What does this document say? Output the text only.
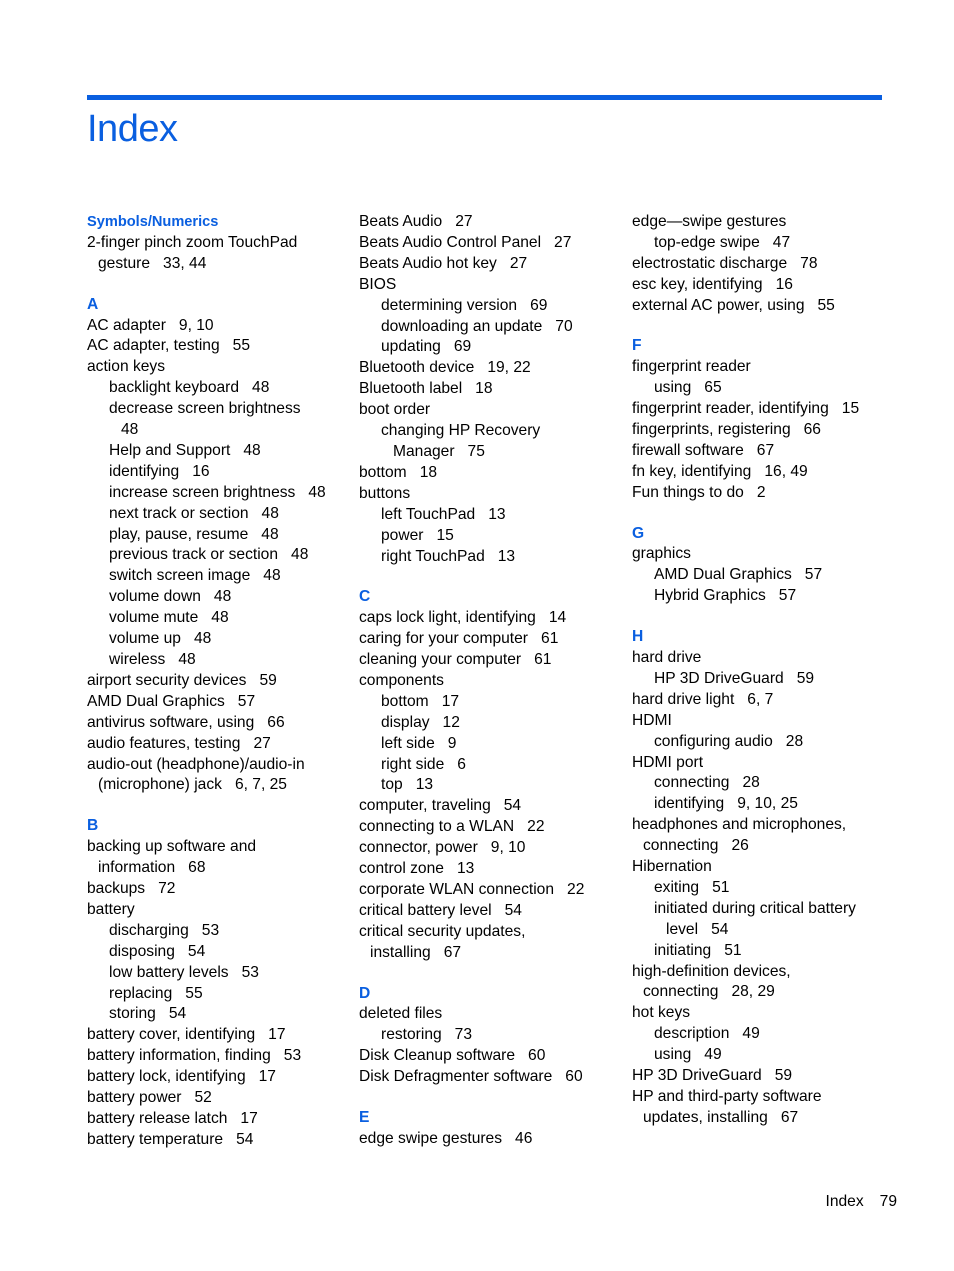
Index
Symbols/Numerics
2-finger pinch zoom TouchPad
gesture 33, 44
A
AC adapter 9, 10
AC adapter, testing 55
action keys
backlight keyboard 48
decrease screen brightness
48
Help and Support 48
identifying 16
increase screen brightness 48
next track or section 48
play, pause, resume 48
previous track or section 48
switch screen image 48
volume down 48
volume mute 48
volume up 48
wireless 48
airport security devices 59
AMD Dual Graphics 57
antivirus software, using 66
audio features, testing 27
audio-out (headphone)/audio-in
(microphone) jack 6, 7, 25
B
backing up software and
information 68
backups 72
battery
discharging 53
disposing 54
low battery levels 53
replacing 55
storing 54
battery cover, identifying 17
battery information, finding 53
battery lock, identifying 17
battery power 52
battery release latch 17
battery temperature 54
Beats Audio 27
Beats Audio Control Panel 27
Beats Audio hot key 27
BIOS
determining version 69
downloading an update 70
updating 69
Bluetooth device 19, 22
Bluetooth label 18
boot order
changing HP Recovery
Manager 75
bottom 18
buttons
left TouchPad 13
power 15
right TouchPad 13
C
caps lock light, identifying 14
caring for your computer 61
cleaning your computer 61
components
bottom 17
display 12
left side 9
right side 6
top 13
computer, traveling 54
connecting to a WLAN 22
connector, power 9, 10
control zone 13
corporate WLAN connection 22
critical battery level 54
critical security updates,
installing 67
D
deleted files
restoring 73
Disk Cleanup software 60
Disk Defragmenter software 60
E
edge swipe gestures 46
edge—swipe gestures
top-edge swipe 47
electrostatic discharge 78
esc key, identifying 16
external AC power, using 55
F
fingerprint reader
using 65
fingerprint reader, identifying 15
fingerprints, registering 66
firewall software 67
fn key, identifying 16, 49
Fun things to do 2
G
graphics
AMD Dual Graphics 57
Hybrid Graphics 57
H
hard drive
HP 3D DriveGuard 59
hard drive light 6, 7
HDMI
configuring audio 28
HDMI port
connecting 28
identifying 9, 10, 25
headphones and microphones,
connecting 26
Hibernation
exiting 51
initiated during critical battery
level 54
initiating 51
high-definition devices,
connecting 28, 29
hot keys
description 49
using 49
HP 3D DriveGuard 59
HP and third-party software
updates, installing 67
Index 79
